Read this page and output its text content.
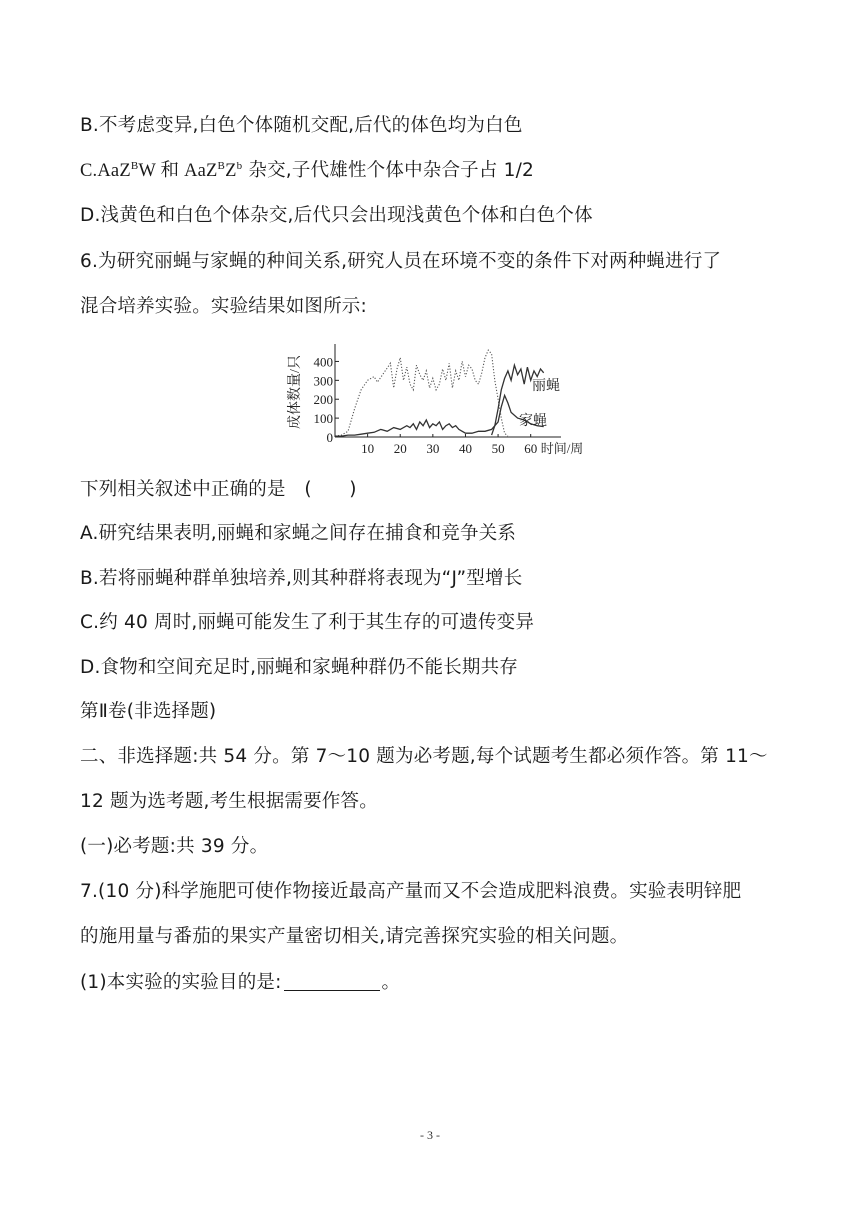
B.不考虑变异,白色个体随机交配,后代的体色均为白色
C.AaZ$^B$W 和 $AaZ^BZ^b$ 杂交,子代雄性个体中杂合子占 1/2
D.浅黄色和白色个体杂交,后代只会出现浅黄色个体和白色个体
6.为研究丽蝇与家蝇的种间关系,研究人员在环境不变的条件下对两种蝇进行了
混合培养实验。实验结果如图所示:
成体数量/只
0
100
200
300
400
10 20 30 40 50 60 时间/周
丽蝇
家蝇
下列相关叙述中正确的是　(　　)
A.研究结果表明,丽蝇和家蝇之间存在捕食和竞争关系
B.若将丽蝇种群单独培养,则其种群将表现为“J”型增长
C.约 40 周时,丽蝇可能发生了利于其生存的可遗传变异
D.食物和空间充足时,丽蝇和家蝇种群仍不能长期共存
第Ⅱ卷(非选择题)
二、非选择题:共 54 分。第 7～10 题为必考题,每个试题考生都必须作答。第 11～
12 题为选考题,考生根据需要作答。
(一)必考题:共 39 分。
7.(10 分)科学施肥可使作物接近最高产量而又不会造成肥料浪费。实验表明锌肥
的施用量与番茄的果实产量密切相关,请完善探究实验的相关问题。
(1)本实验的实验目的是:	。
- 3 -
